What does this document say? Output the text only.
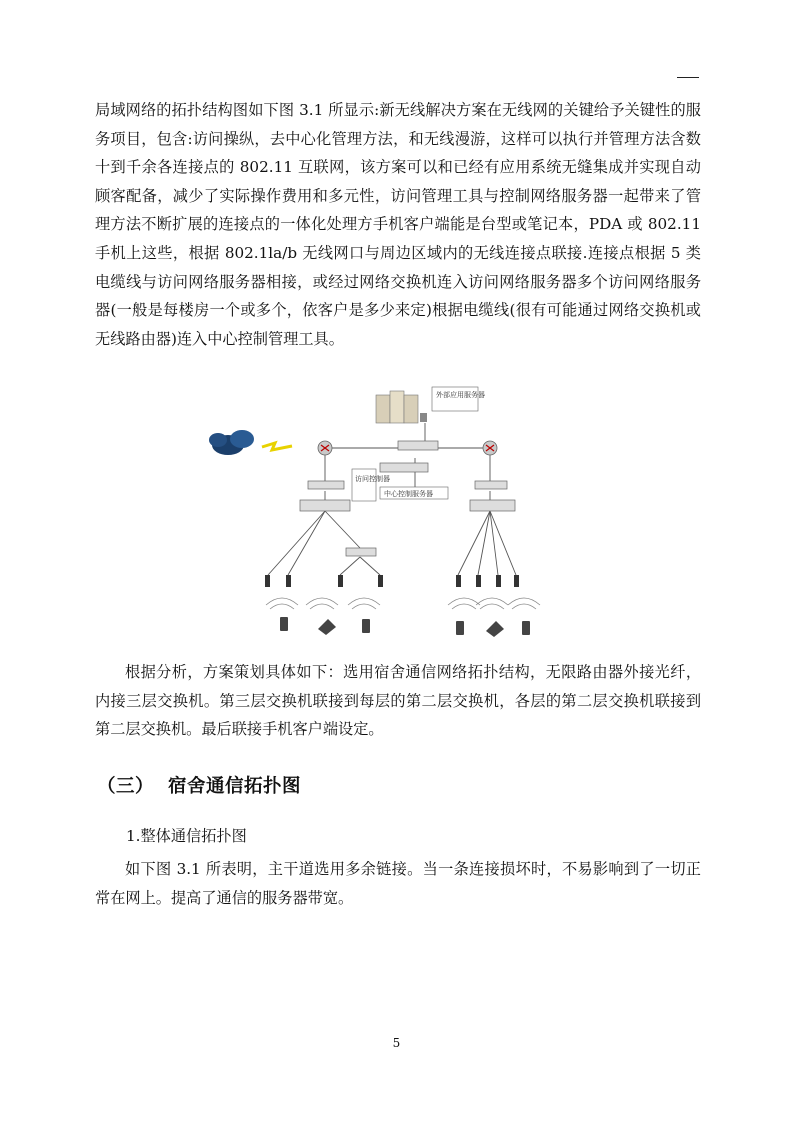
局域网络的拓扑结构图如下图 3.1 所显示:新无线解决方案在无线网的关键给予关键性的服务项目，包含:访问操纵，去中心化管理方法，和无线漫游，这样可以执行并管理方法含数十到千余各连接点的 802.11 互联网，该方案可以和已经有应用系统无缝集成并实现自动顾客配备，减少了实际操作费用和多元性，访问管理工具与控制网络服务器一起带来了管理方法不断扩展的连接点的一体化处理方手机客户端能是台型或笔记本，PDA 或 802.11 手机上这些，根据 802.1la/b 无线网口与周边区域内的无线连接点联接.连接点根据 5 类电缆线与访问网络服务器相接，或经过网络交换机连入访问网络服务器多个访问网络服务器(一般是每楼房一个或多个，依客户是多少来定)根据电缆线(很有可能通过网络交换机或无线路由器)连入中心控制管理工具。

外部应用服务器
访问控制器
中心控制服务器

根据分析，方案策划具体如下：选用宿舍通信网络拓扑结构，无限路由器外接光纤，内接三层交换机。第三层交换机联接到每层的第二层交换机，各层的第二层交换机联接到第二层交换机。最后联接手机客户端设定。

（三） 宿舍通信拓扑图
1.整体通信拓扑图

如下图 3.1 所表明，主干道选用多余链接。当一条连接损坏时，不易影响到了一切正常在网上。提高了通信的服务器带宽。

5
